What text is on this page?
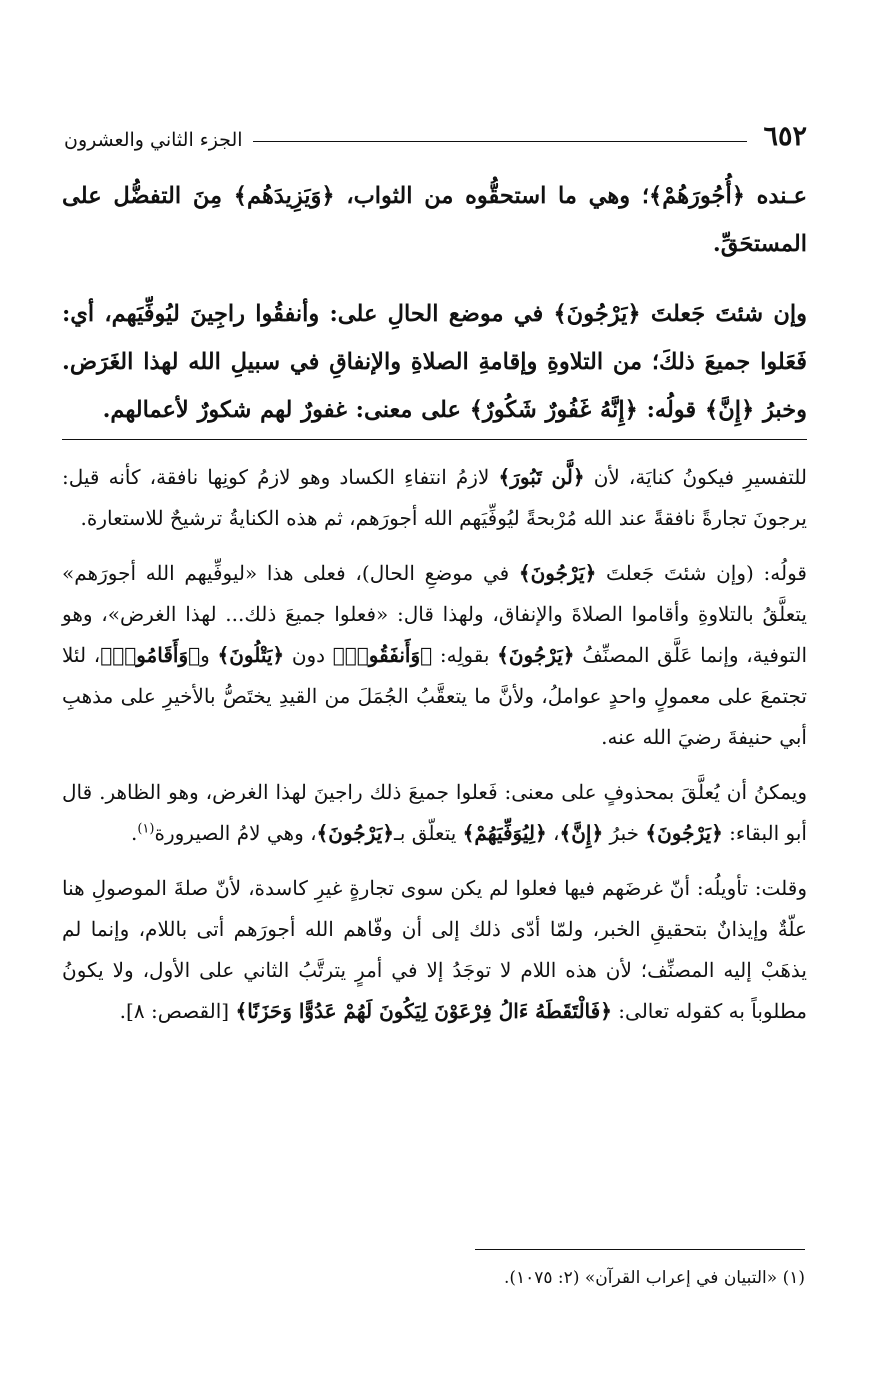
٦٥٢
الجزء الثاني والعشرون

عـنده ﴿أُجُورَهُمْ﴾؛ وهي ما استحقُّوه من الثواب، ﴿وَيَزِيدَهُم﴾ مِنَ التفضُّل على المستحَقِّ.

وإن شئتَ جَعلتَ ﴿يَرْجُونَ﴾ في موضع الحالِ على: وأنفقُوا راجِينَ ليُوفِّيَهم، أي: فَعَلوا جميعَ ذلكَ؛ من التلاوةِ وإقامةِ الصلاةِ والإنفاقِ في سبيلِ الله لهذا الغَرَض. وخبرُ ﴿إِنَّ﴾ قولُه: ﴿إِنَّهُ غَفُورٌ شَكُورٌ﴾ على معنى: غفورٌ لهم شكورٌ لأعمالهم.

للتفسيرِ فيكونُ كنايَة، لأن ﴿لَّن تَبُورَ﴾ لازمُ انتفاءِ الكساد وهو لازمُ كونِها نافقة، كأنه قيل: يرجونَ تجارةً نافقةً عند الله مُرْبحةً ليُوفِّيَهم الله أجورَهم، ثم هذه الكنايةُ ترشيحٌ للاستعارة.

قولُه: (وإن شئتَ جَعلتَ ﴿يَرْجُونَ﴾ في موضعِ الحال)، فعلى هذا «ليوفِّيهم الله أجورَهم» يتعلَّقُ بالتلاوةِ وأقاموا الصلاةَ والإنفاق، ولهذا قال: «فعلوا جميعَ ذلك... لهذا الغرض»، وهو التوفية، وإنما عَلَّق المصنِّفُ ﴿يَرْجُونَ﴾ بقولِه: ﴿وَأَنفَقُوا۟﴾ دون ﴿يَتْلُونَ﴾ و﴿وَأَقَامُوا۟﴾، لئلا تجتمعَ على معمولٍ واحدٍ عواملُ، ولأنَّ ما يتعقَّبُ الجُمَلَ من القيدِ يختَصُّ بالأخيرِ على مذهبِ أبي حنيفةَ رضيَ الله عنه.

ويمكنُ أن يُعلَّقَ بمحذوفٍ على معنى: فَعلوا جميعَ ذلك راجينَ لهذا الغرض، وهو الظاهر. قال أبو البقاء: ﴿يَرْجُونَ﴾ خبرُ ﴿إِنَّ﴾، ﴿لِيُوَفِّيَهُمْ﴾ يتعلّق بـ﴿يَرْجُونَ﴾، وهي لامُ الصيرورة$^{(١)}$.

وقلت: تأويلُه: أنّ غرضَهم فيها فعلوا لم يكن سوى تجارةٍ غيرِ كاسدة، لأنّ صلةَ الموصولِ هنا علّةٌ وإيذانٌ بتحقيقِ الخبر، ولمّا أدّى ذلك إلى أن وفّاهم الله أجورَهم أتى باللام، وإنما لم يذهَبْ إليه المصنِّف؛ لأن هذه اللام لا توجَدُ إلا في أمرٍ يترتَّبُ الثاني على الأول، ولا يكونُ مطلوباً به كقوله تعالى: ﴿فَالْتَقَطَهُ ءَالُ فِرْعَوْنَ لِيَكُونَ لَهُمْ عَدُوًّا وَحَزَنًا﴾ [القصص: ٨].

(١) «التبيان في إعراب القرآن» (٢: ١٠٧٥).
